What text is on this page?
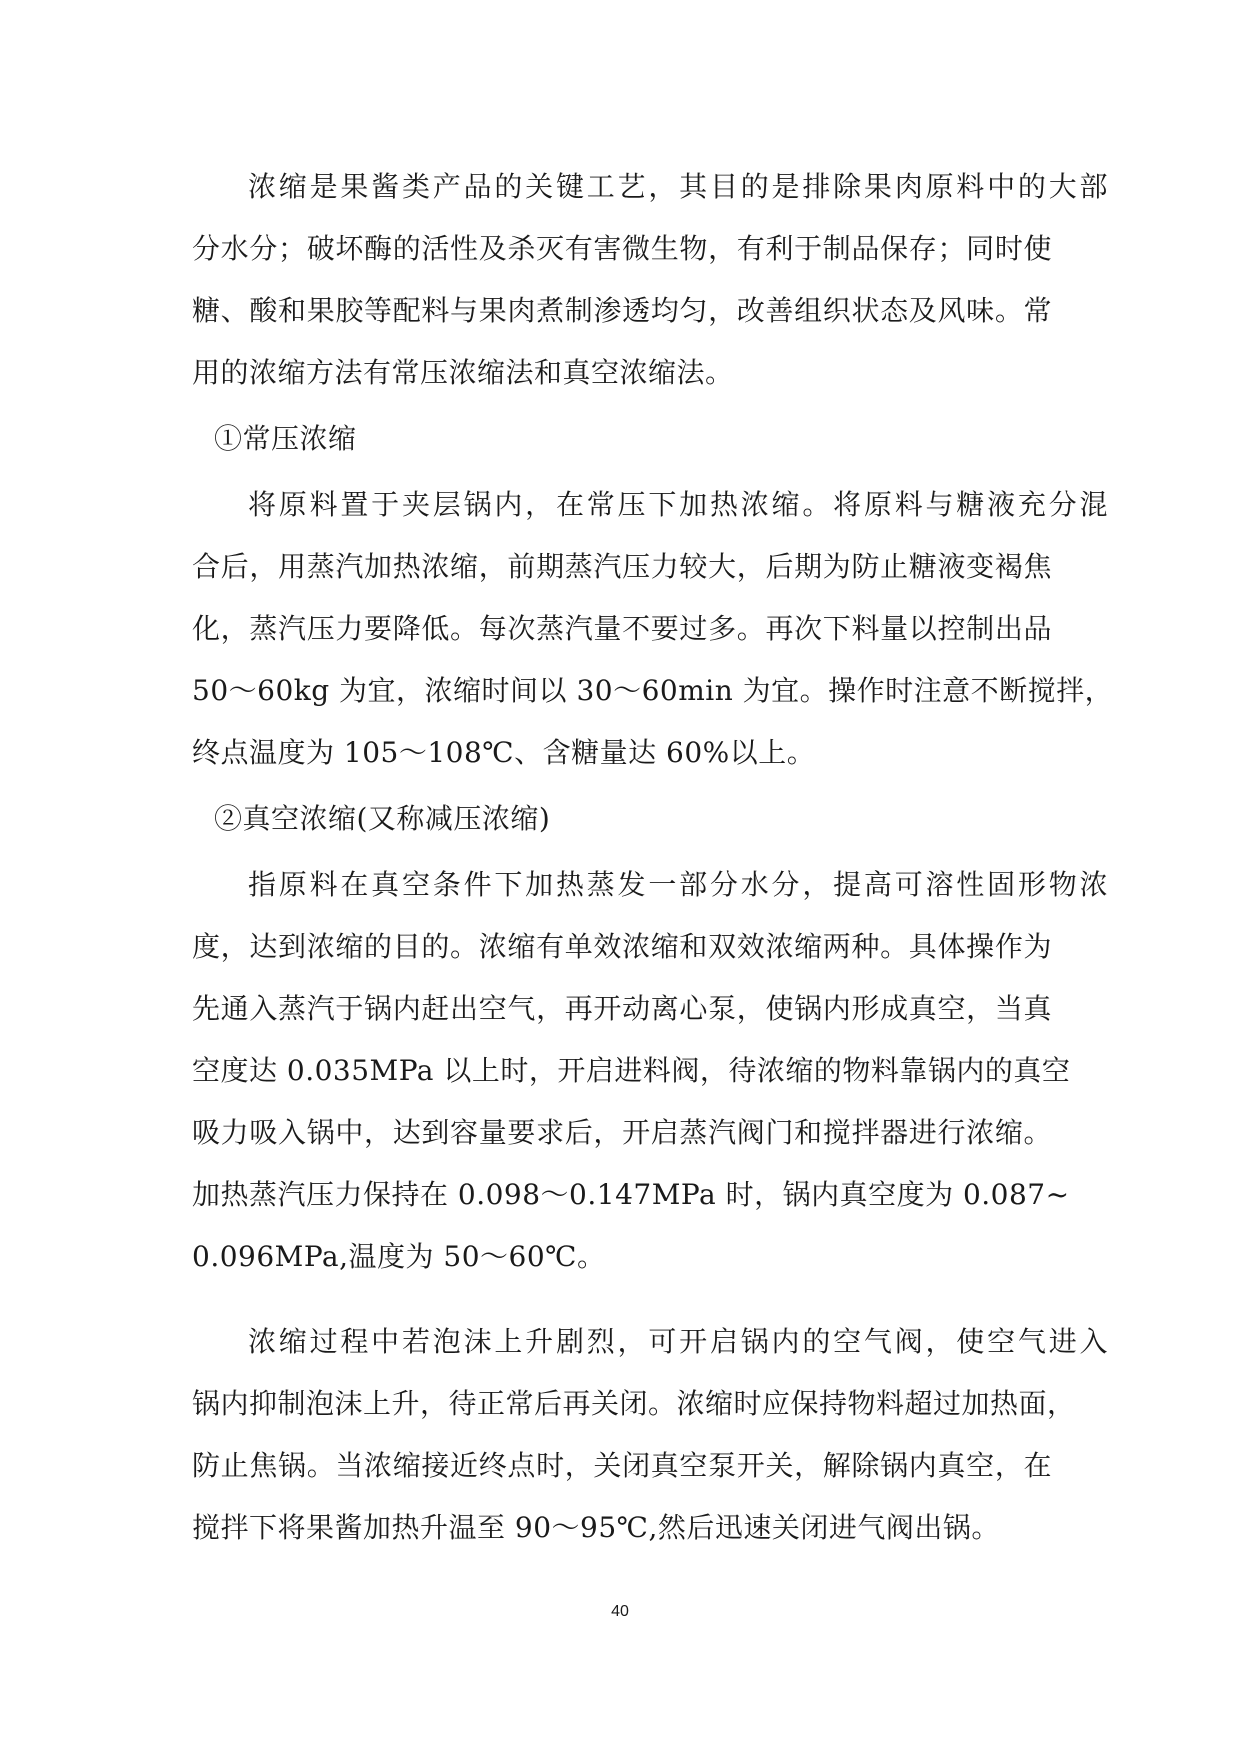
浓缩是果酱类产品的关键工艺，其目的是排除果肉原料中的大部
分水分；破坏酶的活性及杀灭有害微生物，有利于制品保存；同时使
糖、酸和果胶等配料与果肉煮制渗透均匀，改善组织状态及风味。常
用的浓缩方法有常压浓缩法和真空浓缩法。
①常压浓缩
将原料置于夹层锅内，在常压下加热浓缩。将原料与糖液充分混
合后，用蒸汽加热浓缩，前期蒸汽压力较大，后期为防止糖液变褐焦
化，蒸汽压力要降低。每次蒸汽量不要过多。再次下料量以控制出品
50～60kg 为宜，浓缩时间以 30～60min 为宜。操作时注意不断搅拌，
终点温度为 105～108℃、含糖量达 60%以上。
②真空浓缩(又称减压浓缩)
指原料在真空条件下加热蒸发一部分水分，提高可溶性固形物浓
度，达到浓缩的目的。浓缩有单效浓缩和双效浓缩两种。具体操作为
先通入蒸汽于锅内赶出空气，再开动离心泵，使锅内形成真空，当真
空度达 0.035MPa 以上时，开启进料阀，待浓缩的物料靠锅内的真空
吸力吸入锅中，达到容量要求后，开启蒸汽阀门和搅拌器进行浓缩。
加热蒸汽压力保持在 0.098～0.147MPa 时，锅内真空度为 0.087~
0.096MPa,温度为 50～60℃。
浓缩过程中若泡沫上升剧烈，可开启锅内的空气阀，使空气进入
锅内抑制泡沫上升，待正常后再关闭。浓缩时应保持物料超过加热面，
防止焦锅。当浓缩接近终点时，关闭真空泵开关，解除锅内真空，在
搅拌下将果酱加热升温至 90～95℃,然后迅速关闭进气阀出锅。
40
